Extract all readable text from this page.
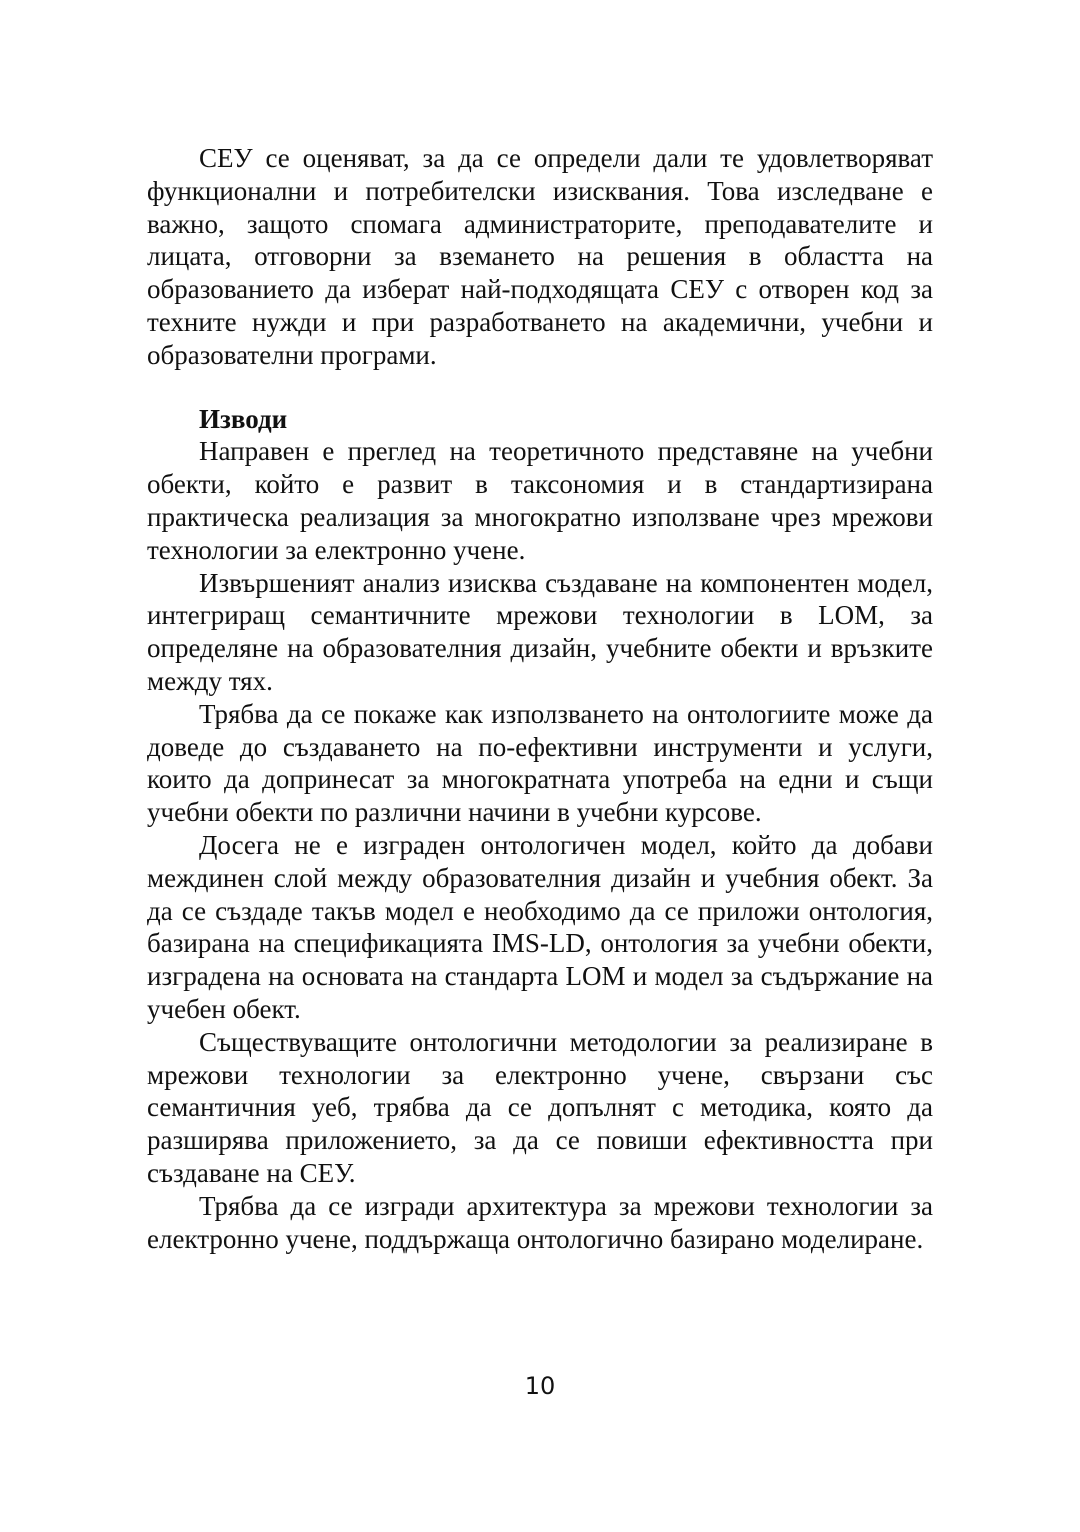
СЕУ се оценяват, за да се определи дали те удовлетворяват функционални и потребителски изисквания. Това изследване е важно, защото спомага администраторите, преподавателите и лицата, отговорни за вземането на решения в областта на образованието да изберат най-подходящата СЕУ с отворен код за техните нужди и при разработването на академични, учебни и образователни програми.

Изводи

Направен е преглед на теоретичното представяне на учебни обекти, който е развит в таксономия и в стандартизирана практическа реализация за многократно използване чрез мрежови технологии за електронно учене.

Извършеният анализ изисква създаване на компонентен модел, интегриращ семантичните мрежови технологии в LOM, за определяне на образователния дизайн, учебните обекти и връзките между тях.

Трябва да се покаже как използването на онтологиите може да доведе до създаването на по-ефективни инструменти и услуги, които да допринесат за многократната употреба на едни и същи учебни обекти по различни начини в учебни курсове.

Досега не е изграден онтологичен модел, който да добави междинен слой между образователния дизайн и учебния обект. За да се създаде такъв модел е необходимо да се приложи онтология, базирана на спецификацията IMS-LD, онтология за учебни обекти, изградена на основата на стандарта LOM и модел за съдържание на учебен обект.

Съществуващите онтологични методологии за реализиране в мрежови технологии за електронно учене, свързани със семантичния уеб, трябва да се допълнят с методика, която да разширява приложението, за да се повиши ефективността при създаване на СЕУ.

Трябва да се изгради архитектура за мрежови технологии за електронно учене, поддържаща онтологично базирано моделиране.

10
